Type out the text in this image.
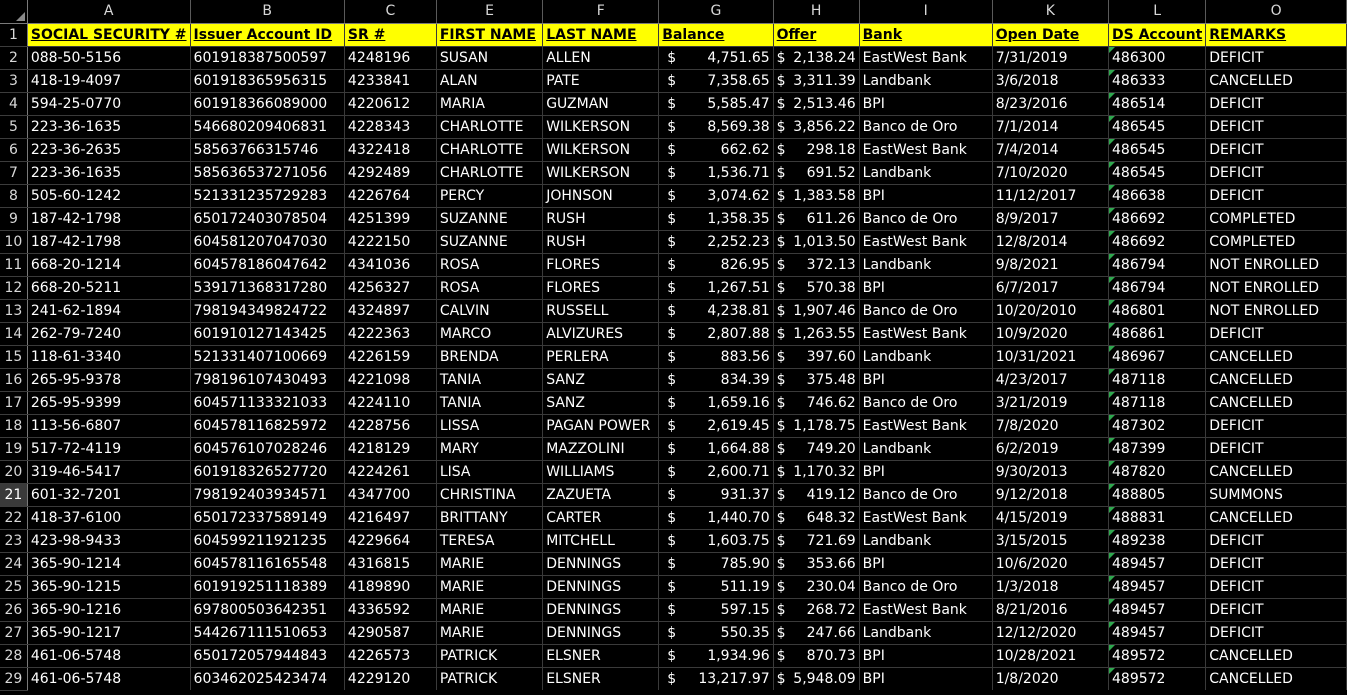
	A	B	C	E	F	G	H	I	K	L	O
1	SOCIAL SECURITY #	Issuer Account ID	SR #	FIRST NAME	LAST NAME	Balance	Offer	Bank	Open Date	DS Account	REMARKS
2	088-50-5156	601918387500597	4248196	SUSAN	ALLEN	$ 4,751.65	$ 2,138.24	EastWest Bank	7/31/2019	486300	DEFICIT
3	418-19-4097	601918365956315	4233841	ALAN	PATE	$ 7,358.65	$ 3,311.39	Landbank	3/6/2018	486333	CANCELLED
4	594-25-0770	601918366089000	4220612	MARIA	GUZMAN	$ 5,585.47	$ 2,513.46	BPI	8/23/2016	486514	DEFICIT
5	223-36-1635	546680209406831	4228343	CHARLOTTE	WILKERSON	$ 8,569.38	$ 3,856.22	Banco de Oro	7/1/2014	486545	DEFICIT
6	223-36-2635	58563766315746	4322418	CHARLOTTE	WILKERSON	$ 662.62	$ 298.18	EastWest Bank	7/4/2014	486545	DEFICIT
7	223-36-1635	585636537271056	4292489	CHARLOTTE	WILKERSON	$ 1,536.71	$ 691.52	Landbank	7/10/2020	486545	DEFICIT
8	505-60-1242	521331235729283	4226764	PERCY	JOHNSON	$ 3,074.62	$ 1,383.58	BPI	11/12/2017	486638	DEFICIT
9	187-42-1798	650172403078504	4251399	SUZANNE	RUSH	$ 1,358.35	$ 611.26	Banco de Oro	8/9/2017	486692	COMPLETED
10	187-42-1798	604581207047030	4222150	SUZANNE	RUSH	$ 2,252.23	$ 1,013.50	EastWest Bank	12/8/2014	486692	COMPLETED
11	668-20-1214	604578186047642	4341036	ROSA	FLORES	$ 826.95	$ 372.13	Landbank	9/8/2021	486794	NOT ENROLLED
12	668-20-5211	539171368317280	4256327	ROSA	FLORES	$ 1,267.51	$ 570.38	BPI	6/7/2017	486794	NOT ENROLLED
13	241-62-1894	798194349824722	4324897	CALVIN	RUSSELL	$ 4,238.81	$ 1,907.46	Banco de Oro	10/20/2010	486801	NOT ENROLLED
14	262-79-7240	601910127143425	4222363	MARCO	ALVIZURES	$ 2,807.88	$ 1,263.55	EastWest Bank	10/9/2020	486861	DEFICIT
15	118-61-3340	521331407100669	4226159	BRENDA	PERLERA	$ 883.56	$ 397.60	Landbank	10/31/2021	486967	CANCELLED
16	265-95-9378	798196107430493	4221098	TANIA	SANZ	$ 834.39	$ 375.48	BPI	4/23/2017	487118	CANCELLED
17	265-95-9399	604571133321033	4224110	TANIA	SANZ	$ 1,659.16	$ 746.62	Banco de Oro	3/21/2019	487118	CANCELLED
18	113-56-6807	604578116825972	4228756	LISSA	PAGAN POWER	$ 2,619.45	$ 1,178.75	EastWest Bank	7/8/2020	487302	DEFICIT
19	517-72-4119	604576107028246	4218129	MARY	MAZZOLINI	$ 1,664.88	$ 749.20	Landbank	6/2/2019	487399	DEFICIT
20	319-46-5417	601918326527720	4224261	LISA	WILLIAMS	$ 2,600.71	$ 1,170.32	BPI	9/30/2013	487820	CANCELLED
21	601-32-7201	798192403934571	4347700	CHRISTINA	ZAZUETA	$ 931.37	$ 419.12	Banco de Oro	9/12/2018	488805	SUMMONS
22	418-37-6100	650172337589149	4216497	BRITTANY	CARTER	$ 1,440.70	$ 648.32	EastWest Bank	4/15/2019	488831	CANCELLED
23	423-98-9433	604599211921235	4229664	TERESA	MITCHELL	$ 1,603.75	$ 721.69	Landbank	3/15/2015	489238	DEFICIT
24	365-90-1214	604578116165548	4316815	MARIE	DENNINGS	$ 785.90	$ 353.66	BPI	10/6/2020	489457	DEFICIT
25	365-90-1215	601919251118389	4189890	MARIE	DENNINGS	$ 511.19	$ 230.04	Banco de Oro	1/3/2018	489457	DEFICIT
26	365-90-1216	697800503642351	4336592	MARIE	DENNINGS	$ 597.15	$ 268.72	EastWest Bank	8/21/2016	489457	DEFICIT
27	365-90-1217	544267111510653	4290587	MARIE	DENNINGS	$ 550.35	$ 247.66	Landbank	12/12/2020	489457	DEFICIT
28	461-06-5748	650172057944843	4226573	PATRICK	ELSNER	$ 1,934.96	$ 870.73	BPI	10/28/2021	489572	CANCELLED
29	461-06-5748	603462025423474	4229120	PATRICK	ELSNER	$ 13,217.97	$ 5,948.09	BPI	1/8/2020	489572	CANCELLED
